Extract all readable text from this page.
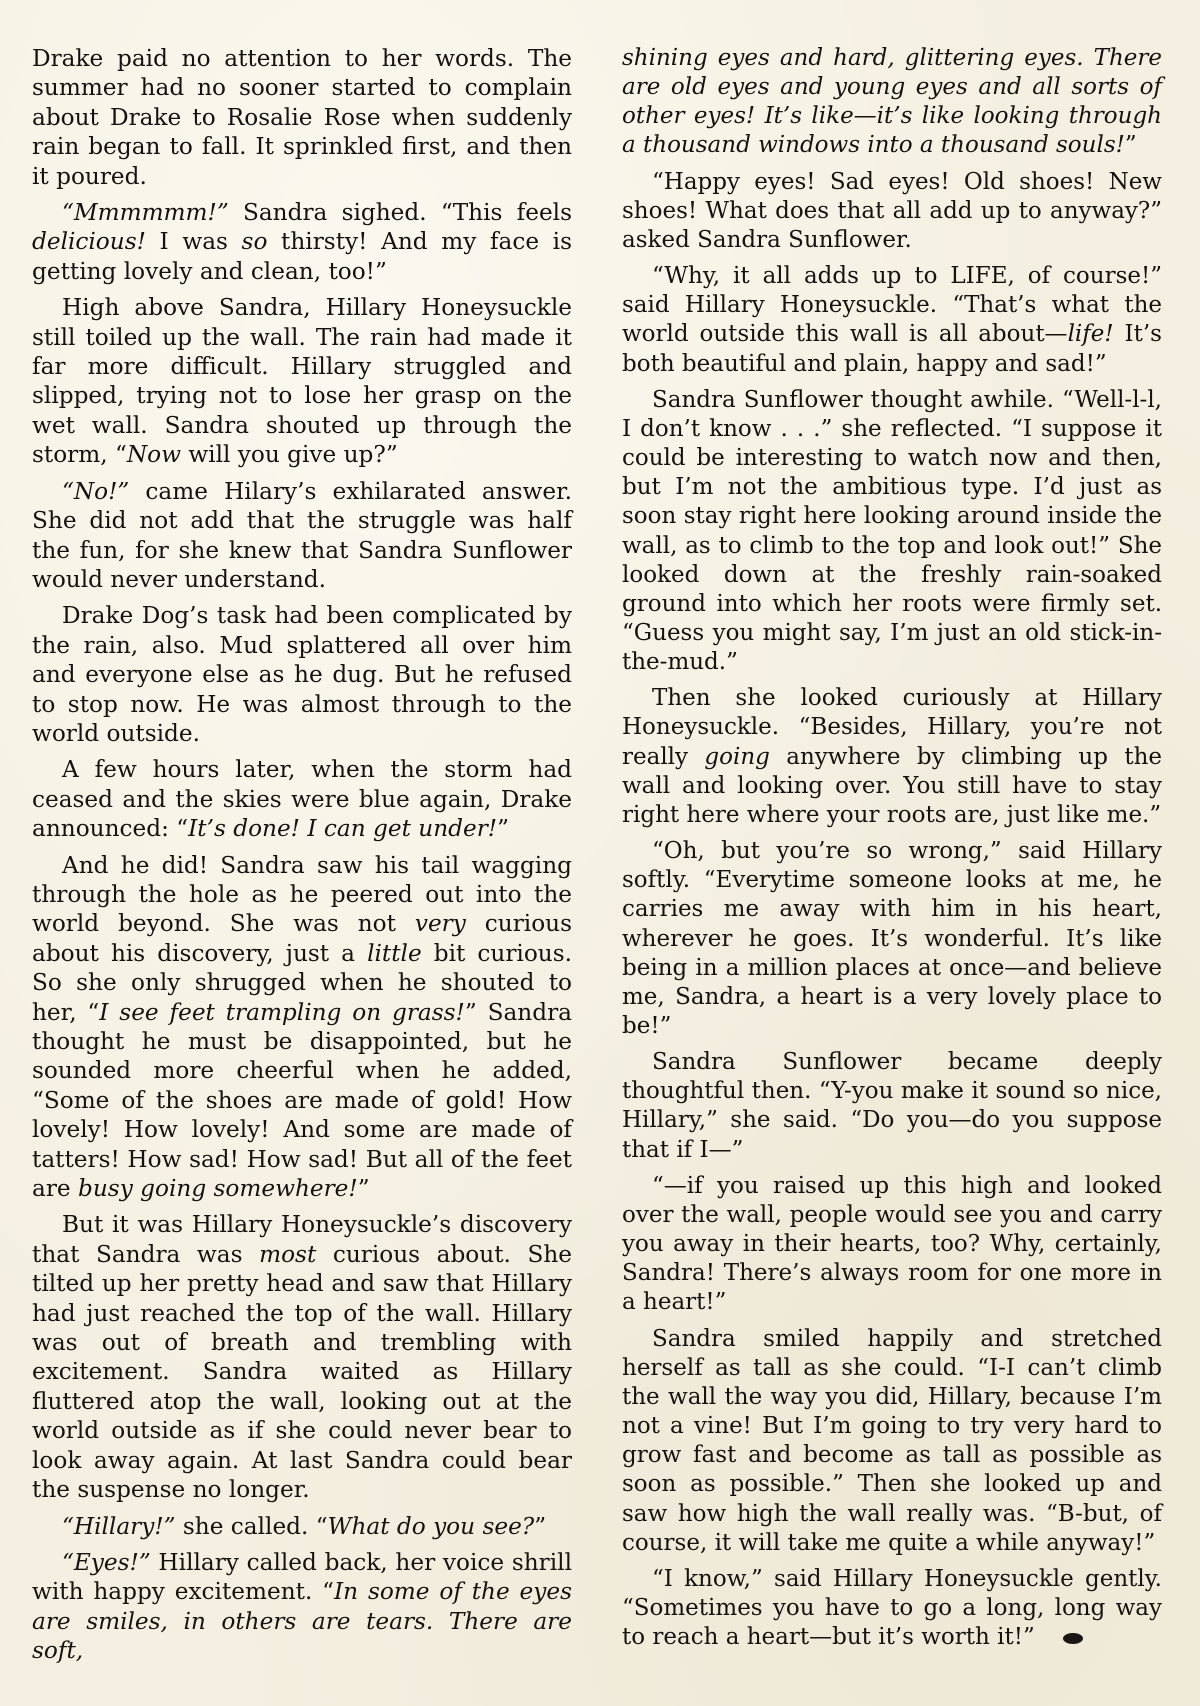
Drake paid no attention to her words. The summer had no sooner started to complain about Drake to Rosalie Rose when suddenly rain began to fall. It sprinkled first, and then it poured.

“Mmmmmm!” Sandra sighed. “This feels delicious! I was so thirsty! And my face is getting lovely and clean, too!”

High above Sandra, Hillary Honeysuckle still toiled up the wall. The rain had made it far more difficult. Hillary struggled and slipped, trying not to lose her grasp on the wet wall. Sandra shouted up through the storm, “Now will you give up?”

“No!” came Hilary’s exhilarated answer. She did not add that the struggle was half the fun, for she knew that Sandra Sunflower would never understand.

Drake Dog’s task had been complicated by the rain, also. Mud splattered all over him and everyone else as he dug. But he refused to stop now. He was almost through to the world outside.

A few hours later, when the storm had ceased and the skies were blue again, Drake announced: “It’s done! I can get under!”

And he did! Sandra saw his tail wagging through the hole as he peered out into the world beyond. She was not very curious about his discovery, just a little bit curious. So she only shrugged when he shouted to her, “I see feet trampling on grass!” Sandra thought he must be disappointed, but he sounded more cheerful when he added, “Some of the shoes are made of gold! How lovely! How lovely! And some are made of tatters! How sad! How sad! But all of the feet are busy going somewhere!”

But it was Hillary Honeysuckle’s discovery that Sandra was most curious about. She tilted up her pretty head and saw that Hillary had just reached the top of the wall. Hillary was out of breath and trembling with excitement. Sandra waited as Hillary fluttered atop the wall, looking out at the world outside as if she could never bear to look away again. At last Sandra could bear the suspense no longer.

“Hillary!” she called. “What do you see?”

“Eyes!” Hillary called back, her voice shrill with happy excitement. “In some of the eyes are smiles, in others are tears. There are soft,

shining eyes and hard, glittering eyes. There are old eyes and young eyes and all sorts of other eyes! It’s like—it’s like looking through a thousand windows into a thousand souls!”

“Happy eyes! Sad eyes! Old shoes! New shoes! What does that all add up to anyway?” asked Sandra Sunflower.

“Why, it all adds up to LIFE, of course!” said Hillary Honeysuckle. “That’s what the world outside this wall is all about—life! It’s both beautiful and plain, happy and sad!”

Sandra Sunflower thought awhile. “Well-l-l, I don’t know . . .” she reflected. “I suppose it could be interesting to watch now and then, but I’m not the ambitious type. I’d just as soon stay right here looking around inside the wall, as to climb to the top and look out!” She looked down at the freshly rain-soaked ground into which her roots were firmly set. “Guess you might say, I’m just an old stick-in-the-mud.”

Then she looked curiously at Hillary Honeysuckle. “Besides, Hillary, you’re not really going anywhere by climbing up the wall and looking over. You still have to stay right here where your roots are, just like me.”

“Oh, but you’re so wrong,” said Hillary softly. “Everytime someone looks at me, he carries me away with him in his heart, wherever he goes. It’s wonderful. It’s like being in a million places at once—and believe me, Sandra, a heart is a very lovely place to be!”

Sandra Sunflower became deeply thoughtful then. “Y-you make it sound so nice, Hillary,” she said. “Do you—do you suppose that if I—”

“—if you raised up this high and looked over the wall, people would see you and carry you away in their hearts, too? Why, certainly, Sandra! There’s always room for one more in a heart!”

Sandra smiled happily and stretched herself as tall as she could. “I-I can’t climb the wall the way you did, Hillary, because I’m not a vine! But I’m going to try very hard to grow fast and become as tall as possible as soon as possible.” Then she looked up and saw how high the wall really was. “B-but, of course, it will take me quite a while anyway!”

“I know,” said Hillary Honeysuckle gently. “Sometimes you have to go a long, long way to reach a heart—but it’s worth it!”
